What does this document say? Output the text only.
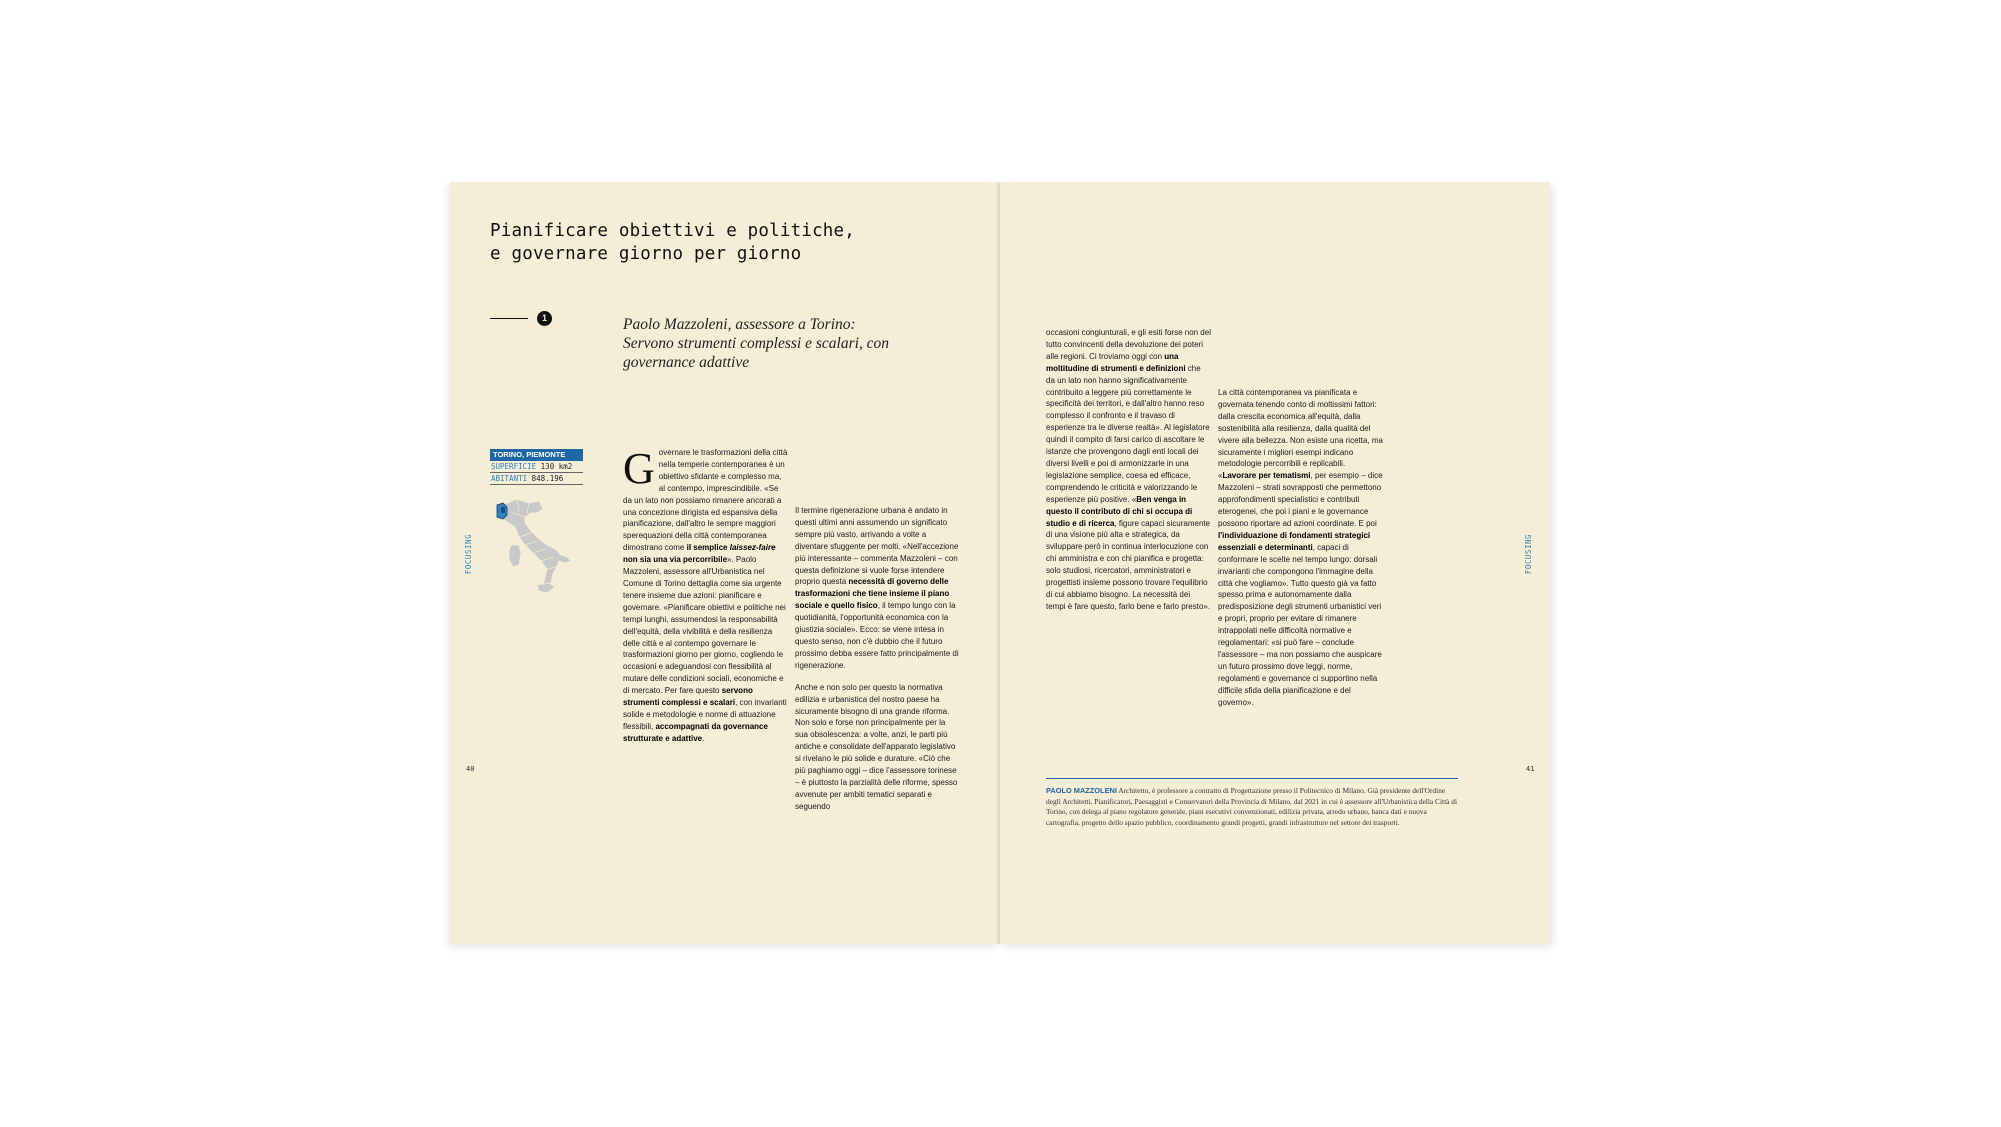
Pianificare obiettivi e politiche,
e governare giorno per giorno
1	Paolo Mazzoleni, assessore a Torino: Servono strumenti complessi e scalari, con governance adattive
TORINO, PIEMONTE
SUPERFICIE 130 km2
ABITANTI 848.196
FOCUSING
Governare le trasformazioni della città nella temperie contemporanea è un obiettivo sfidante e complesso ma, al contempo, imprescindibile. «Se da un lato non possiamo rimanere ancorati a una concezione dirigista ed espansiva della pianificazione, dall'altro le sempre maggiori sperequazioni della città contemporanea dimostrano come il semplice laissez-faire non sia una via percorribile». Paolo Mazzoleni, assessore all'Urbanistica nel Comune di Torino dettaglia come sia urgente tenere insieme due azioni: pianificare e governare. «Pianificare obiettivi e politiche nei tempi lunghi, assumendosi la responsabilità dell'equità, della vivibilità e della resilienza delle città e al contempo governare le trasformazioni giorno per giorno, cogliendo le occasioni e adeguandosi con flessibilità al mutare delle condizioni sociali, economiche e di mercato. Per fare questo servono strumenti complessi e scalari, con invarianti solide e metodologie e norme di attuazione flessibili, accompagnati da governance strutturate e adattive.

Il termine rigenerazione urbana è andato in questi ultimi anni assumendo un significato sempre più vasto, arrivando a volte a diventare sfuggente per molti. «Nell'accezione più interessante – commenta Mazzoleni – con questa definizione si vuole forse intendere proprio questa necessità di governo delle trasformazioni che tiene insieme il piano sociale e quello fisico, il tempo lungo con la quotidianità, l'opportunità economica con la giustizia sociale». Ecco: se viene intesa in questo senso, non c'è dubbio che il futuro prossimo debba essere fatto principalmente di rigenerazione.

Anche e non solo per questo la normativa edilizia e urbanistica del nostro paese ha sicuramente bisogno di una grande riforma. Non solo e forse non principalmente per la sua obsolescenza: a volte, anzi, le parti più antiche e consolidate dell'apparato legislativo si rivelano le più solide e durature. «Ciò che più paghiamo oggi – dice l'assessore torinese – è piuttosto la parzialità delle riforme, spesso avvenute per ambiti tematici separati e seguendo

40
occasioni congiunturali, e gli esiti forse non del tutto convincenti della devoluzione dei poteri alle regioni. Ci troviamo oggi con una moltitudine di strumenti e definizioni che da un lato non hanno significativamente contribuito a leggere più correttamente le specificità dei territori, e dall'altro hanno reso complesso il confronto e il travaso di esperienze tra le diverse realtà». Al legislatore quindi il compito di farsi carico di ascoltare le istanze che provengono dagli enti locali dei diversi livelli e poi di armonizzarle in una legislazione semplice, coesa ed efficace, comprendendo le criticità e valorizzando le esperienze più positive. «Ben venga in questo il contributo di chi si occupa di studio e di ricerca, figure capaci sicuramente di una visione più alta e strategica, da sviluppare però in continua interlocuzione con chi amministra e con chi pianifica e progetta: solo studiosi, ricercatori, amministratori e progettisti insieme possono trovare l'equilibrio di cui abbiamo bisogno. La necessità dei tempi è fare questo, farlo bene e farlo presto».
La città contemporanea va pianificata e governata tenendo conto di moltissimi fattori: dalla crescita economica all'equità, dalla sostenibilità alla resilienza, dalla qualità del vivere alla bellezza. Non esiste una ricetta, ma sicuramente i migliori esempi indicano metodologie percorribili e replicabili. «Lavorare per tematismi, per esempio – dice Mazzoleni – strati sovrapposti che permettono approfondimenti specialistici e contributi eterogenei, che poi i piani e le governance possono riportare ad azioni coordinate. E poi l'individuazione di fondamenti strategici essenziali e determinanti, capaci di conformare le scelte nel tempo lungo: dorsali invarianti che compongono l'immagine della città che vogliamo». Tutto questo già va fatto spesso prima e autonomamente dalla predisposizione degli strumenti urbanistici veri e propri, proprio per evitare di rimanere intrappolati nelle difficoltà normative e regolamentari: «si può fare – conclude l'assessore – ma non possiamo che auspicare un futuro prossimo dove leggi, norme, regolamenti e governance ci supportino nella difficile sfida della pianificazione e del governo».
PAOLO MAZZOLENI Architetto, è professore a contratto di Progettazione presso il Politecnico di Milano. Già presidente dell'Ordine degli Architetti, Pianificatori, Paesaggisti e Conservatori della Provincia di Milano, dal 2021 in cui è assessore all'Urbanistica della Città di Torino, con delega al piano regolatore generale, piani esecutivi convenzionati, edilizia privata, arredo urbano, banca dati e nuova cartografia, progetto dello spazio pubblico, coordinamento grandi progetti, grandi infrastrutture nel settore dei trasporti.
FOCUSING
41
